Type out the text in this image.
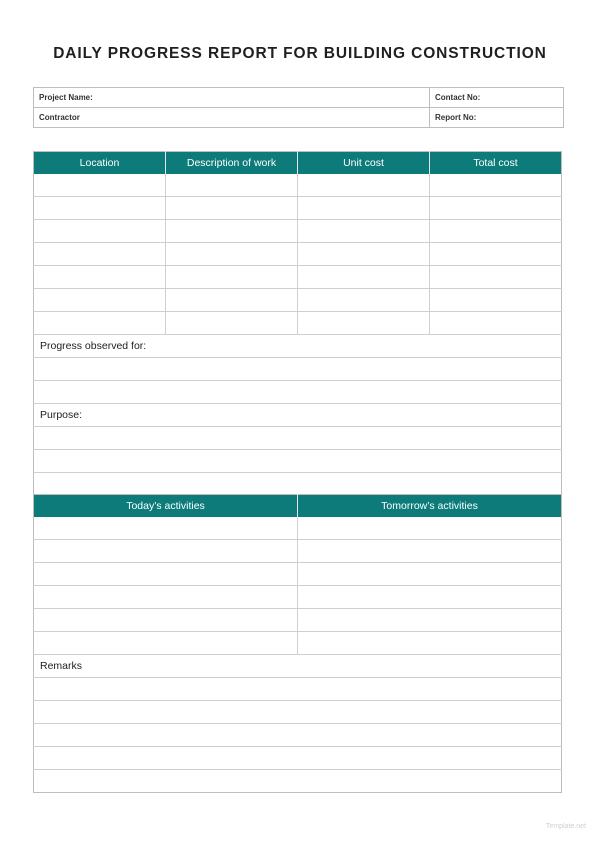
DAILY PROGRESS REPORT FOR BUILDING CONSTRUCTION
Project Name:	Contact No:
Contractor	Report No:
Location	Description of work	Unit cost	Total cost

Progress observed for:			

Purpose:			

Today’s activities	Tomorrow’s activities

Remarks	

Template.net
